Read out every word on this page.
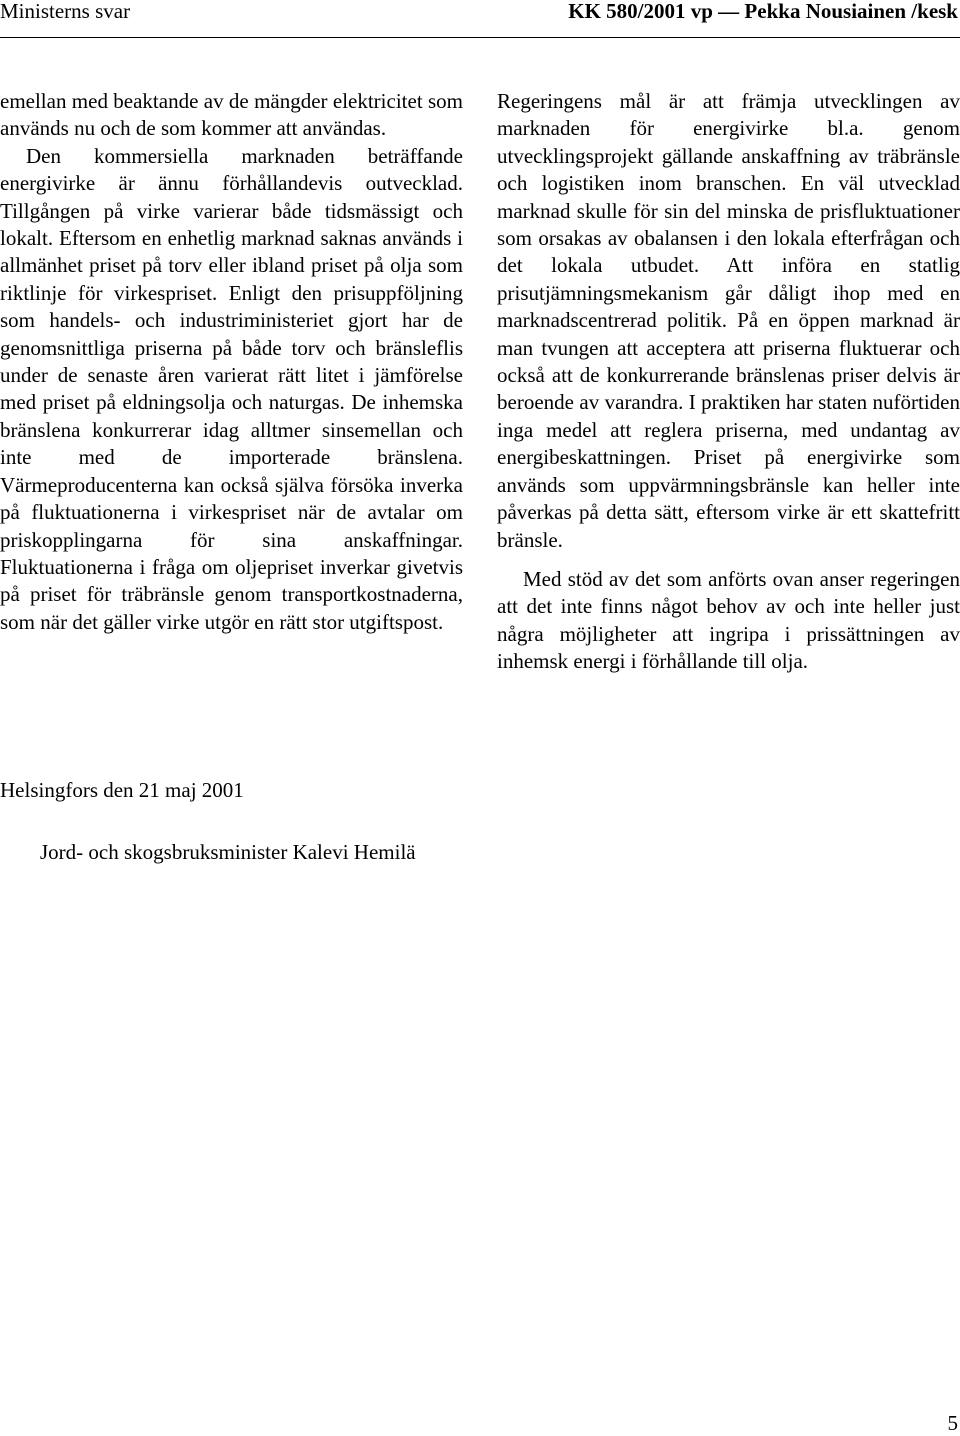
Ministerns svar	KK 580/2001 vp — Pekka Nousiainen /kesk

emellan med beaktande av de mängder elektricitet som används nu och de som kommer att användas.

Den kommersiella marknaden beträffande energivirke är ännu förhållandevis outvecklad. Tillgången på virke varierar både tidsmässigt och lokalt. Eftersom en enhetlig marknad saknas används i allmänhet priset på torv eller ibland priset på olja som riktlinje för virkespriset. Enligt den prisuppföljning som handels- och industriministeriet gjort har de genomsnittliga priserna på både torv och bränsleflis under de senaste åren varierat rätt litet i jämförelse med priset på eldningsolja och naturgas. De inhemska bränslena konkurrerar idag alltmer sinsemellan och inte med de importerade bränslena. Värmeproducenterna kan också själva försöka inverka på fluktuationerna i virkespriset när de avtalar om priskopplingarna för sina anskaffningar. Fluktuationerna i fråga om oljepriset inverkar givetvis på priset för träbränsle genom transportkostnaderna, som när det gäller virke utgör en rätt stor utgiftspost.

Regeringens mål är att främja utvecklingen av marknaden för energivirke bl.a. genom utvecklingsprojekt gällande anskaffning av träbränsle och logistiken inom branschen. En väl utvecklad marknad skulle för sin del minska de prisfluktuationer som orsakas av obalansen i den lokala efterfrågan och det lokala utbudet. Att införa en statlig prisutjämningsmekanism går dåligt ihop med en marknadscentrerad politik. På en öppen marknad är man tvungen att acceptera att priserna fluktuerar och också att de konkurrerande bränslenas priser delvis är beroende av varandra. I praktiken har staten nuförtiden inga medel att reglera priserna, med undantag av energibeskattningen. Priset på energivirke som används som uppvärmningsbränsle kan heller inte påverkas på detta sätt, eftersom virke är ett skattefritt bränsle.

Med stöd av det som anförts ovan anser regeringen att det inte finns något behov av och inte heller just några möjligheter att ingripa i prissättningen av inhemsk energi i förhållande till olja.

Helsingfors den 21 maj 2001
Jord- och skogsbruksminister Kalevi Hemilä
5
